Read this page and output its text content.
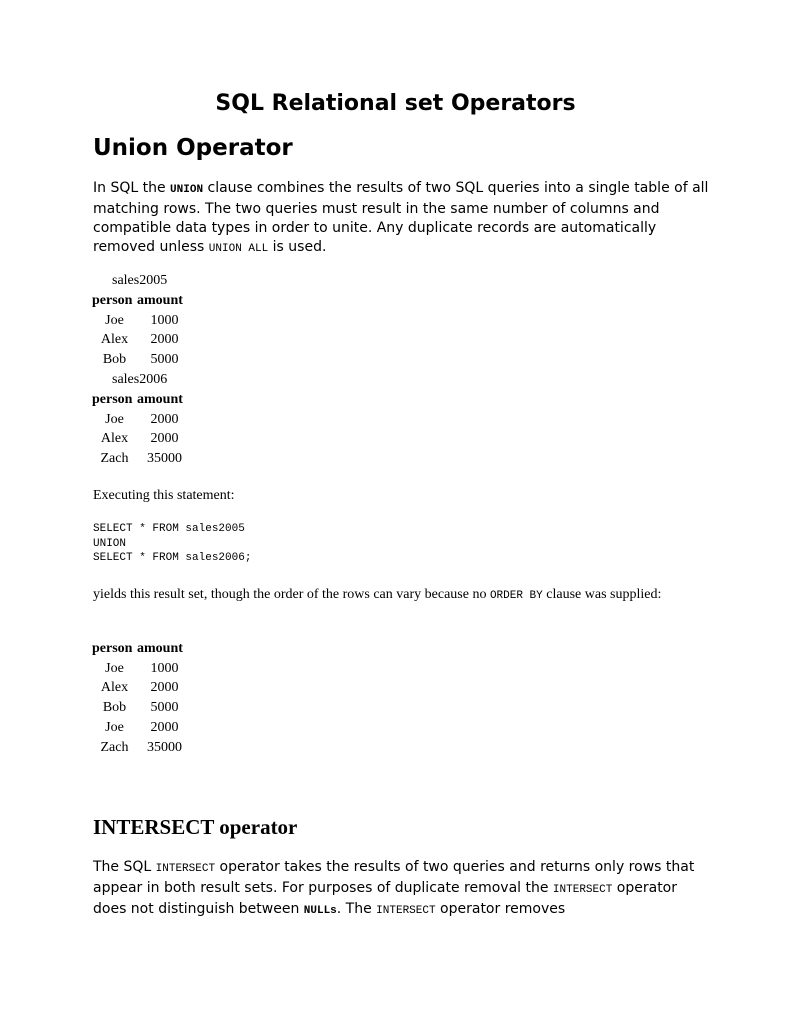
SQL Relational set Operators
Union Operator

In SQL the UNION clause combines the results of two SQL queries into a single table of all matching rows. The two queries must result in the same number of columns and compatible data types in order to unite. Any duplicate records are automatically removed unless UNION ALL is used.

sales2005
person	amount
Joe	1000
Alex	2000
Bob	5000
sales2006
person	amount
Joe	2000
Alex	2000
Zach	35000

Executing this statement:

SELECT * FROM sales2005
UNION
SELECT * FROM sales2006;

yields this result set, though the order of the rows can vary because no ORDER BY clause was supplied:

person	amount
Joe	1000
Alex	2000
Bob	5000
Joe	2000
Zach	35000
INTERSECT operator

The SQL INTERSECT operator takes the results of two queries and returns only rows that appear in both result sets. For purposes of duplicate removal the INTERSECT operator does not distinguish between NULLs. The INTERSECT operator removes
